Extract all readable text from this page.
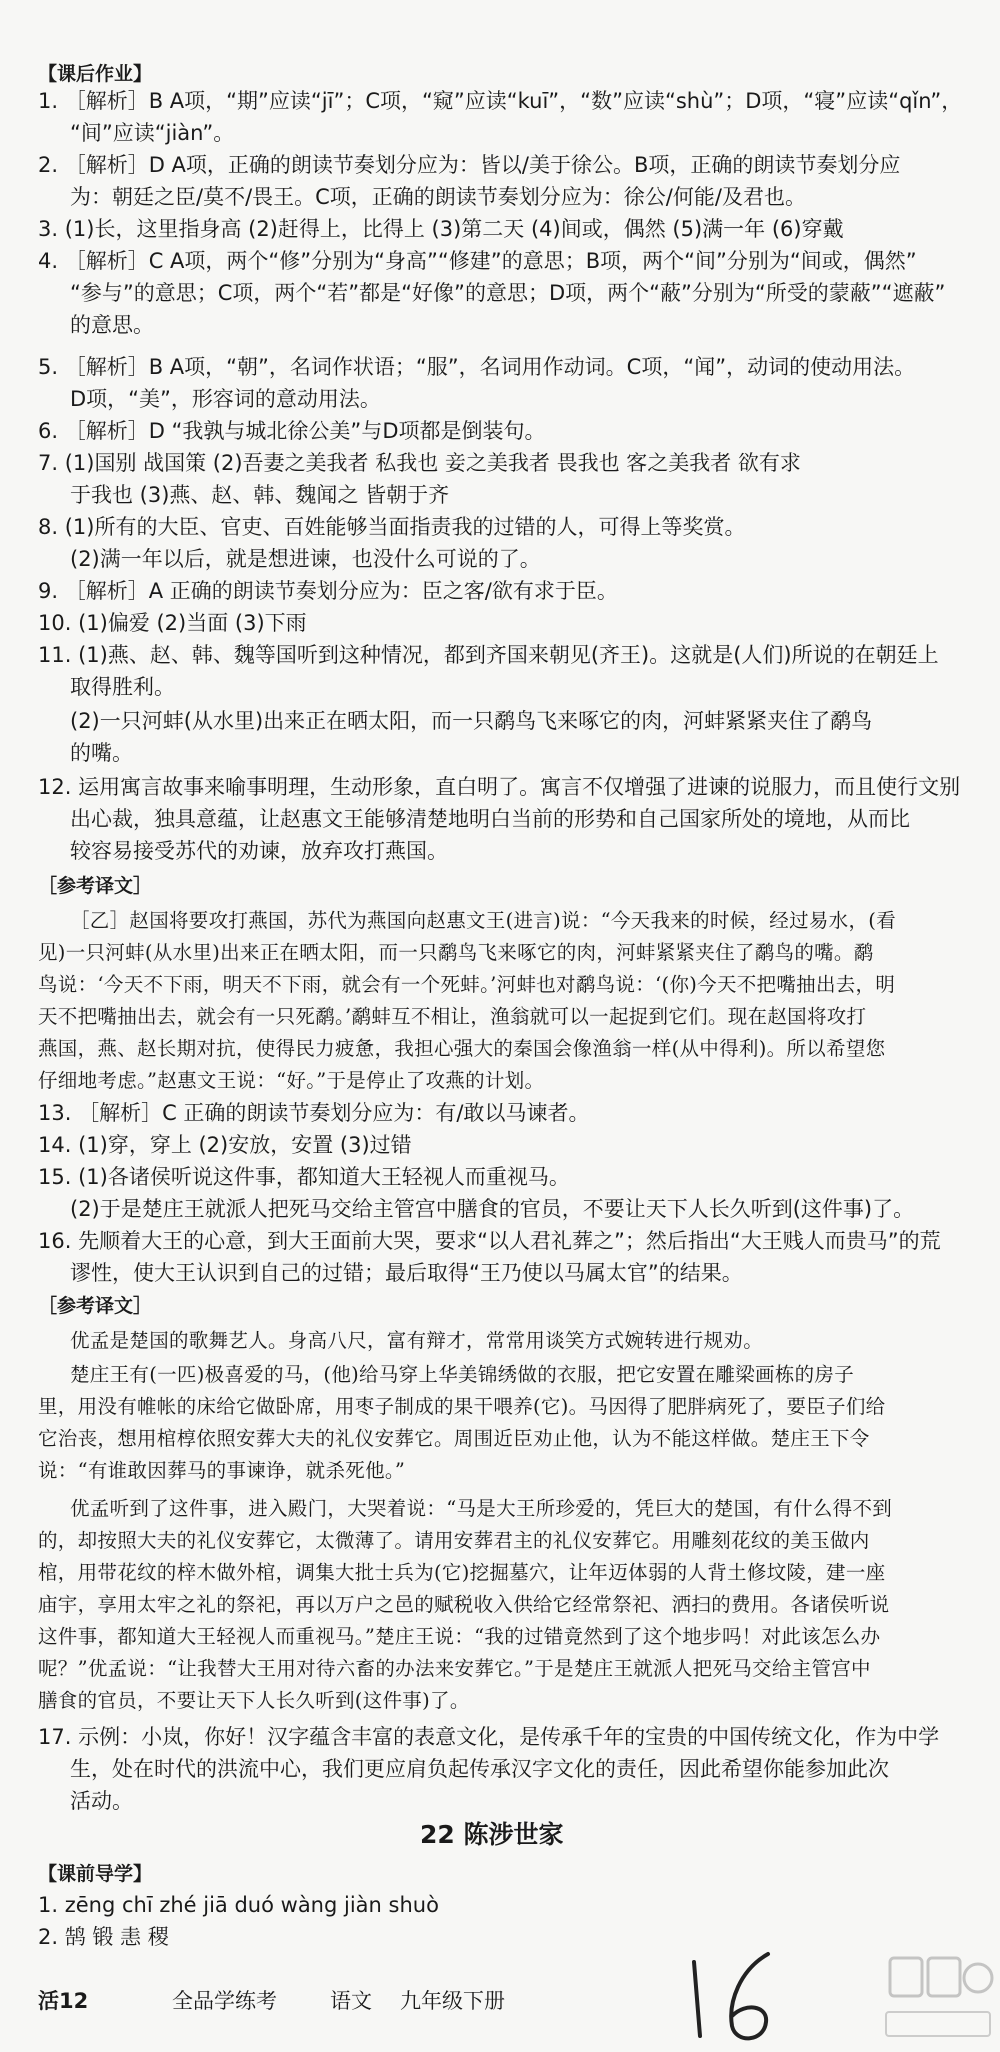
【课后作业】
1. ［解析］B A项，“期”应读“jī”；C项，“窥”应读“kuī”，“数”应读“shù”；D项，“寝”应读“qǐn”，
“间”应读“jiàn”。
2. ［解析］D A项，正确的朗读节奏划分应为：皆以/美于徐公。B项，正确的朗读节奏划分应
为：朝廷之臣/莫不/畏王。C项，正确的朗读节奏划分应为：徐公/何能/及君也。
3. (1)长，这里指身高 (2)赶得上，比得上 (3)第二天 (4)间或，偶然 (5)满一年 (6)穿戴
4. ［解析］C A项，两个“修”分别为“身高”“修建”的意思；B项，两个“间”分别为“间或，偶然”
“参与”的意思；C项，两个“若”都是“好像”的意思；D项，两个“蔽”分别为“所受的蒙蔽”“遮蔽”
的意思。
5. ［解析］B A项，“朝”，名词作状语；“服”，名词用作动词。C项，“闻”，动词的使动用法。
D项，“美”，形容词的意动用法。
6. ［解析］D “我孰与城北徐公美”与D项都是倒装句。
7. (1)国别 战国策 (2)吾妻之美我者 私我也 妾之美我者 畏我也 客之美我者 欲有求
于我也 (3)燕、赵、韩、魏闻之 皆朝于齐
8. (1)所有的大臣、官吏、百姓能够当面指责我的过错的人，可得上等奖赏。
(2)满一年以后，就是想进谏，也没什么可说的了。
9. ［解析］A 正确的朗读节奏划分应为：臣之客/欲有求于臣。
10. (1)偏爱 (2)当面 (3)下雨
11. (1)燕、赵、韩、魏等国听到这种情况，都到齐国来朝见(齐王)。这就是(人们)所说的在朝廷上
取得胜利。
(2)一只河蚌(从水里)出来正在晒太阳，而一只鹬鸟飞来啄它的肉，河蚌紧紧夹住了鹬鸟
的嘴。
12. 运用寓言故事来喻事明理，生动形象，直白明了。寓言不仅增强了进谏的说服力，而且使行文别
出心裁，独具意蕴，让赵惠文王能够清楚地明白当前的形势和自己国家所处的境地，从而比
较容易接受苏代的劝谏，放弃攻打燕国。
［参考译文］
［乙］赵国将要攻打燕国，苏代为燕国向赵惠文王(进言)说：“今天我来的时候，经过易水，(看
见)一只河蚌(从水里)出来正在晒太阳，而一只鹬鸟飞来啄它的肉，河蚌紧紧夹住了鹬鸟的嘴。鹬
鸟说：‘今天不下雨，明天不下雨，就会有一个死蚌。’河蚌也对鹬鸟说：‘(你)今天不把嘴抽出去，明
天不把嘴抽出去，就会有一只死鹬。’鹬蚌互不相让，渔翁就可以一起捉到它们。现在赵国将攻打
燕国，燕、赵长期对抗，使得民力疲惫，我担心强大的秦国会像渔翁一样(从中得利)。所以希望您
仔细地考虑。”赵惠文王说：“好。”于是停止了攻燕的计划。
13. ［解析］C 正确的朗读节奏划分应为：有/敢以马谏者。
14. (1)穿，穿上 (2)安放，安置 (3)过错
15. (1)各诸侯听说这件事，都知道大王轻视人而重视马。
(2)于是楚庄王就派人把死马交给主管宫中膳食的官员，不要让天下人长久听到(这件事)了。
16. 先顺着大王的心意，到大王面前大哭，要求“以人君礼葬之”；然后指出“大王贱人而贵马”的荒
谬性，使大王认识到自己的过错；最后取得“王乃使以马属太官”的结果。
［参考译文］
优孟是楚国的歌舞艺人。身高八尺，富有辩才，常常用谈笑方式婉转进行规劝。
楚庄王有(一匹)极喜爱的马，(他)给马穿上华美锦绣做的衣服，把它安置在雕梁画栋的房子
里，用没有帷帐的床给它做卧席，用枣子制成的果干喂养(它)。马因得了肥胖病死了，要臣子们给
它治丧，想用棺椁依照安葬大夫的礼仪安葬它。周围近臣劝止他，认为不能这样做。楚庄王下令
说：“有谁敢因葬马的事谏诤，就杀死他。”
优孟听到了这件事，进入殿门，大哭着说：“马是大王所珍爱的，凭巨大的楚国，有什么得不到
的，却按照大夫的礼仪安葬它，太微薄了。请用安葬君主的礼仪安葬它。用雕刻花纹的美玉做内
棺，用带花纹的梓木做外棺，调集大批士兵为(它)挖掘墓穴，让年迈体弱的人背土修坟陵，建一座
庙宇，享用太牢之礼的祭祀，再以万户之邑的赋税收入供给它经常祭祀、洒扫的费用。各诸侯听说
这件事，都知道大王轻视人而重视马。”楚庄王说：“我的过错竟然到了这个地步吗！对此该怎么办
呢？”优孟说：“让我替大王用对待六畜的办法来安葬它。”于是楚庄王就派人把死马交给主管宫中
膳食的官员，不要让天下人长久听到(这件事)了。
17. 示例：小岚，你好！汉字蕴含丰富的表意文化，是传承千年的宝贵的中国传统文化，作为中学
生，处在时代的洪流中心，我们更应肩负起传承汉字文化的责任，因此希望你能参加此次
活动。
22 陈涉世家
【课前导学】
1. zēng chī zhé jiā duó wàng jiàn shuò
2. 鹄 锻 恚 稷
活12	全品学练考	语文 九年级下册
